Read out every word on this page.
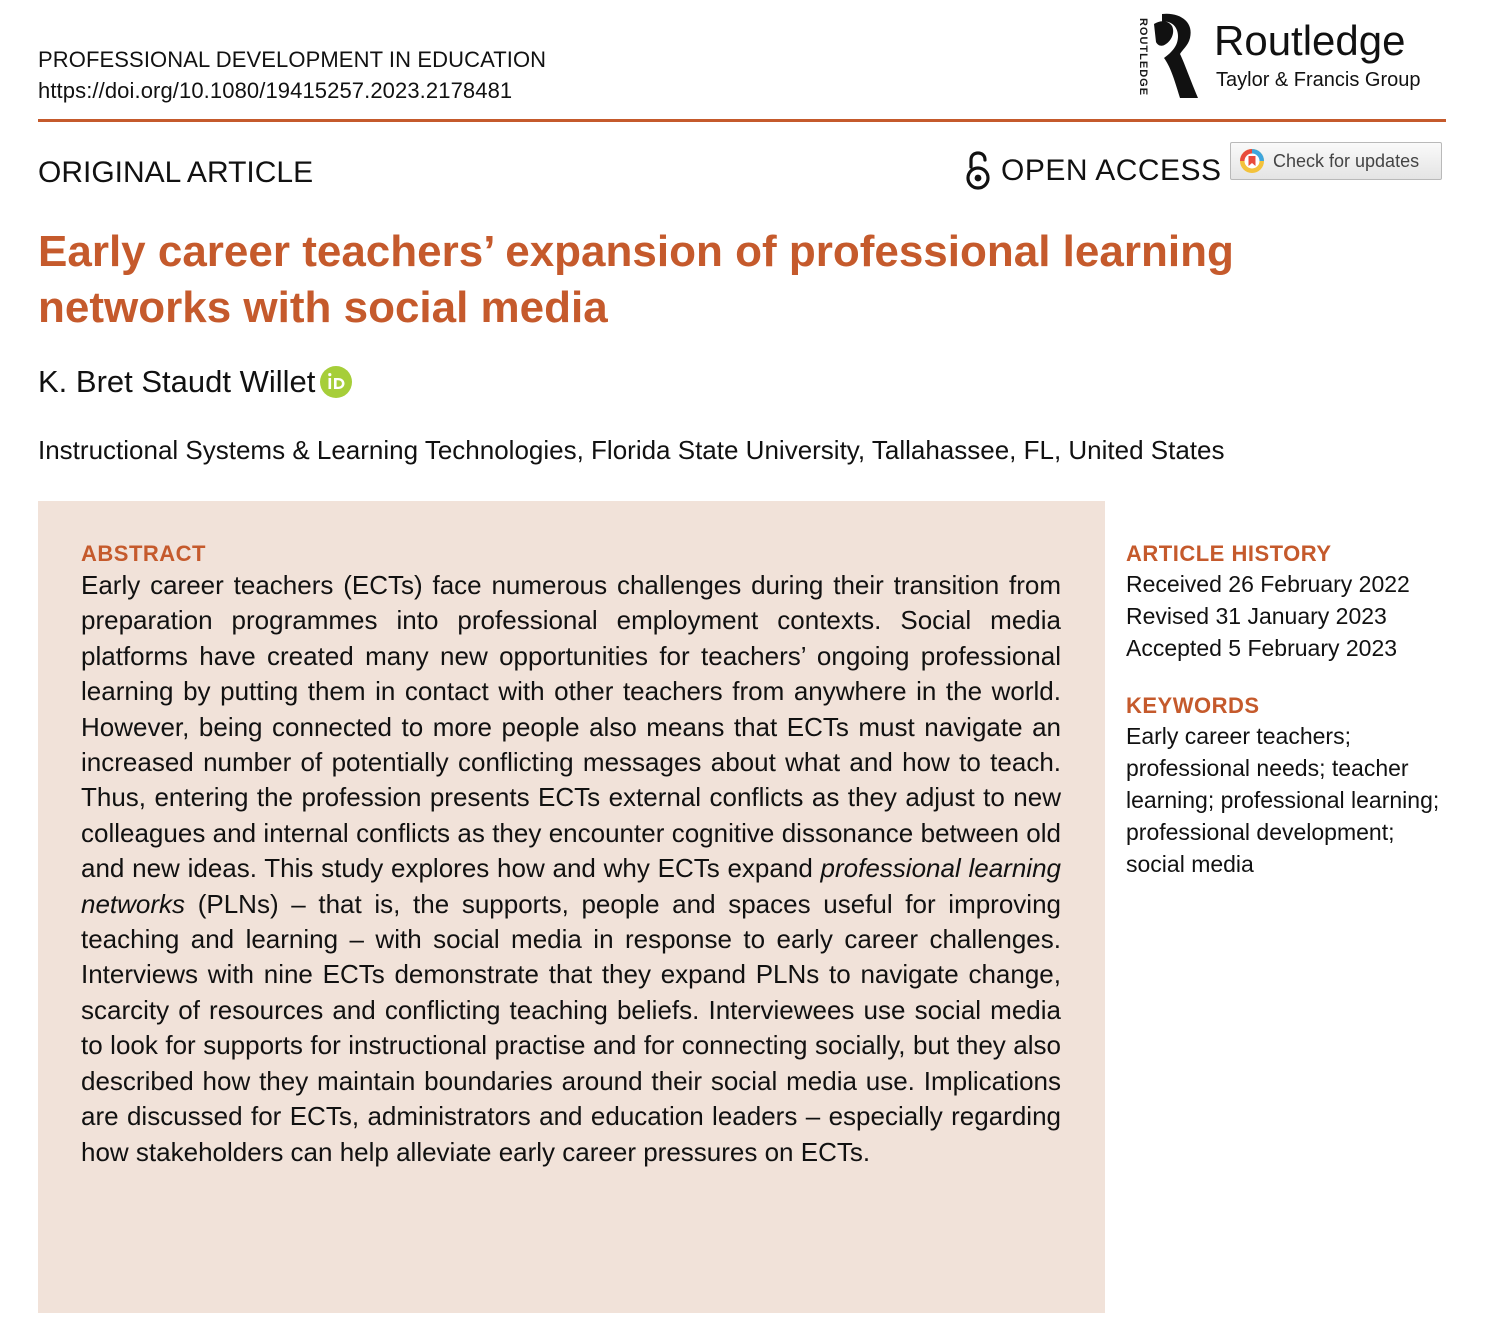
PROFESSIONAL DEVELOPMENT IN EDUCATION
https://doi.org/10.1080/19415257.2023.2178481	ROUTLEDGE Routledge
Taylor & Francis Group
ORIGINAL ARTICLE	OPEN ACCESS	Check for updates
Early career teachers’ expansion of professional learning networks with social media
K. Bret Staudt Willet
Instructional Systems & Learning Technologies, Florida State University, Tallahassee, FL, United States
ABSTRACT
Early career teachers (ECTs) face numerous challenges during their transition from preparation programmes into professional employment contexts. Social media platforms have created many new opportunities for teachers’ ongoing professional learning by putting them in contact with other teachers from anywhere in the world. However, being connected to more people also means that ECTs must navigate an increased number of potentially conflicting messages about what and how to teach. Thus, entering the profession presents ECTs external conflicts as they adjust to new colleagues and internal conflicts as they encounter cognitive dissonance between old and new ideas. This study explores how and why ECTs expand professional learning networks (PLNs) – that is, the supports, people and spaces useful for improving teaching and learning – with social media in response to early career challenges. Interviews with nine ECTs demonstrate that they expand PLNs to navigate change, scarcity of resources and conflicting teaching beliefs. Interviewees use social media to look for supports for instructional practise and for connecting socially, but they also described how they maintain boundaries around their social media use. Implications are discussed for ECTs, administrators and education leaders – especially regarding how stakeholders can help alleviate early career pressures on ECTs.
ARTICLE HISTORY
Received 26 February 2022
Revised 31 January 2023
Accepted 5 February 2023
KEYWORDS
Early career teachers; professional needs; teacher learning; professional learning; professional development; social media
